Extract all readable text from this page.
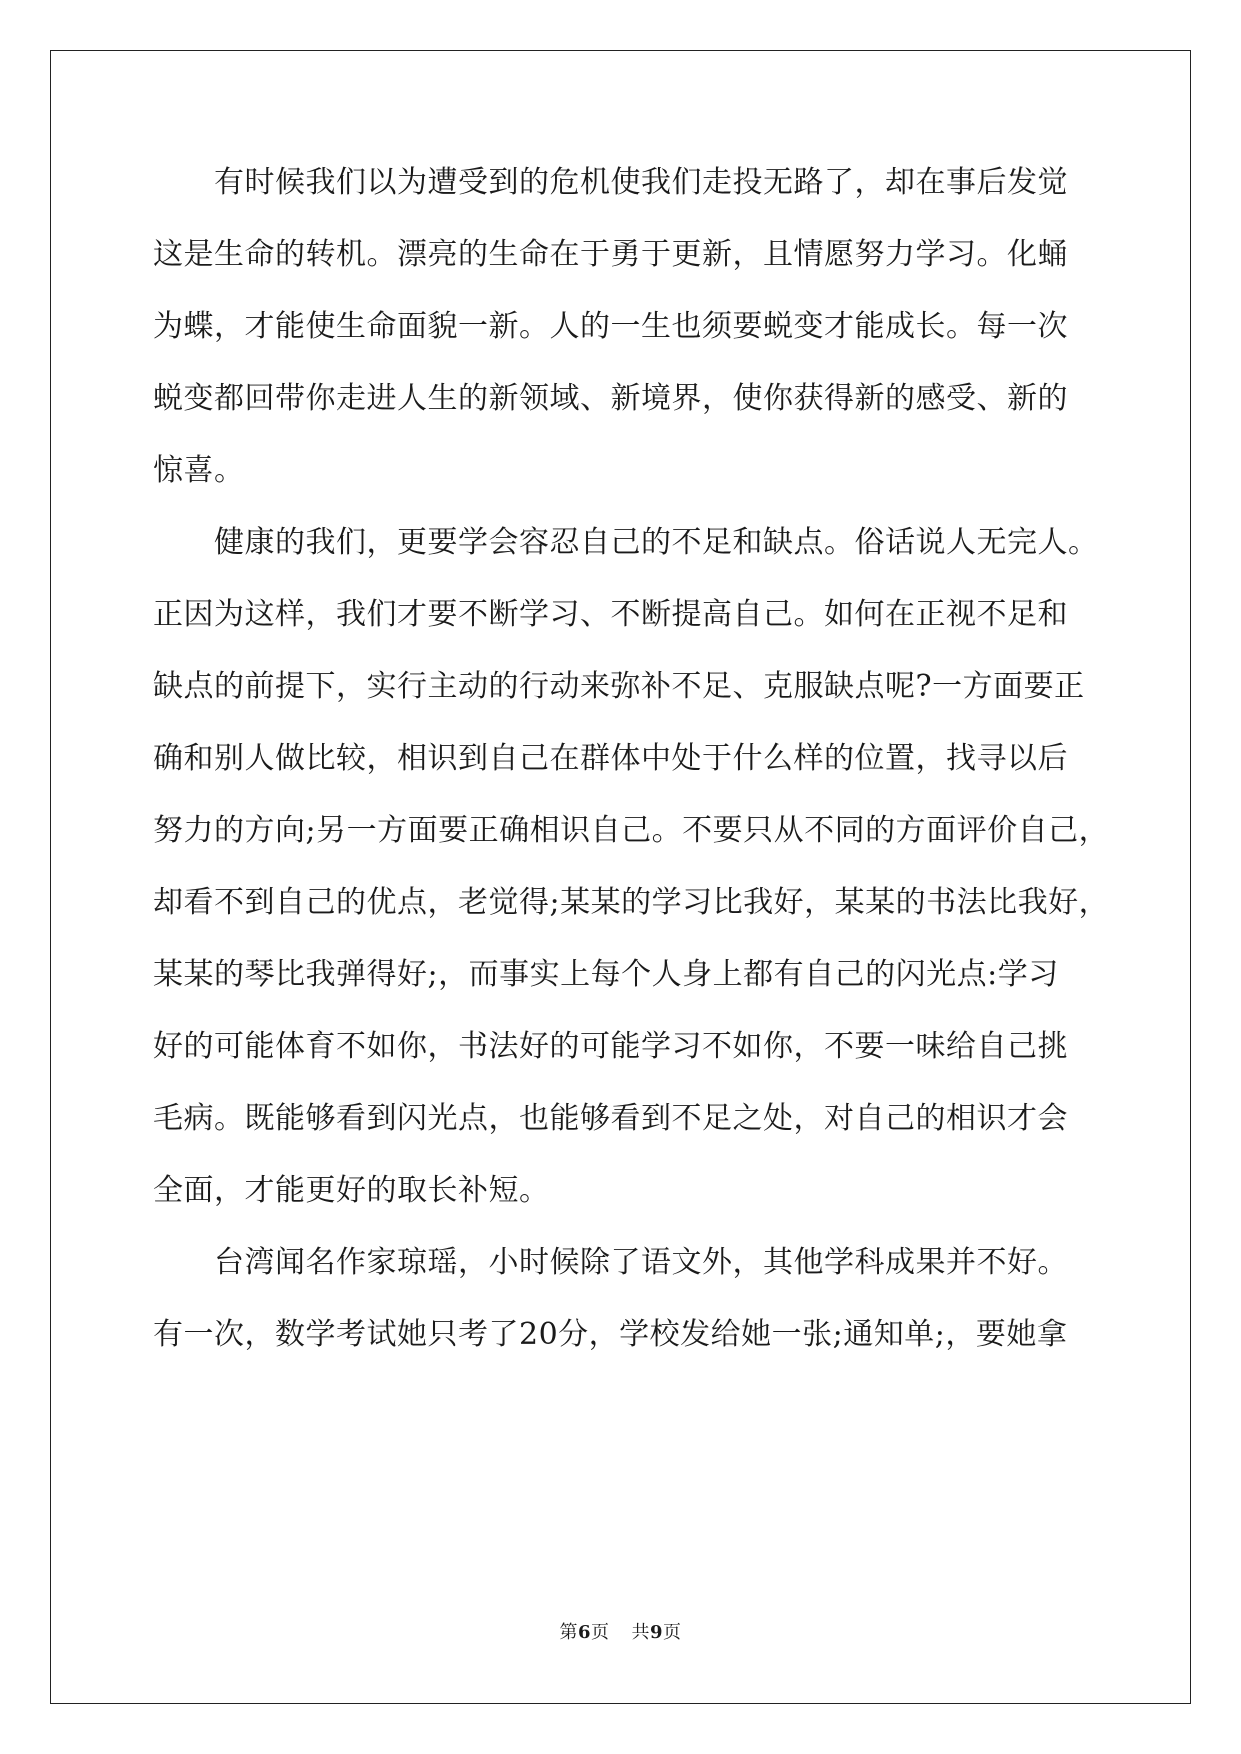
　　有时候我们以为遭受到的危机使我们走投无路了，却在事后发觉
这是生命的转机。漂亮的生命在于勇于更新，且情愿努力学习。化蛹
为蝶，才能使生命面貌一新。人的一生也须要蜕变才能成长。每一次
蜕变都回带你走进人生的新领域、新境界，使你获得新的感受、新的
惊喜。
　　健康的我们，更要学会容忍自己的不足和缺点。俗话说人无完人。
正因为这样，我们才要不断学习、不断提高自己。如何在正视不足和
缺点的前提下，实行主动的行动来弥补不足、克服缺点呢?一方面要正
确和别人做比较，相识到自己在群体中处于什么样的位置，找寻以后
努力的方向;另一方面要正确相识自己。不要只从不同的方面评价自己，
却看不到自己的优点，老觉得;某某的学习比我好，某某的书法比我好，
某某的琴比我弹得好;，而事实上每个人身上都有自己的闪光点:学习
好的可能体育不如你，书法好的可能学习不如你，不要一味给自己挑
毛病。既能够看到闪光点，也能够看到不足之处，对自己的相识才会
全面，才能更好的取长补短。
　　台湾闻名作家琼瑶，小时候除了语文外，其他学科成果并不好。
有一次，数学考试她只考了20分，学校发给她一张;通知单;，要她拿
第6页 共9页
